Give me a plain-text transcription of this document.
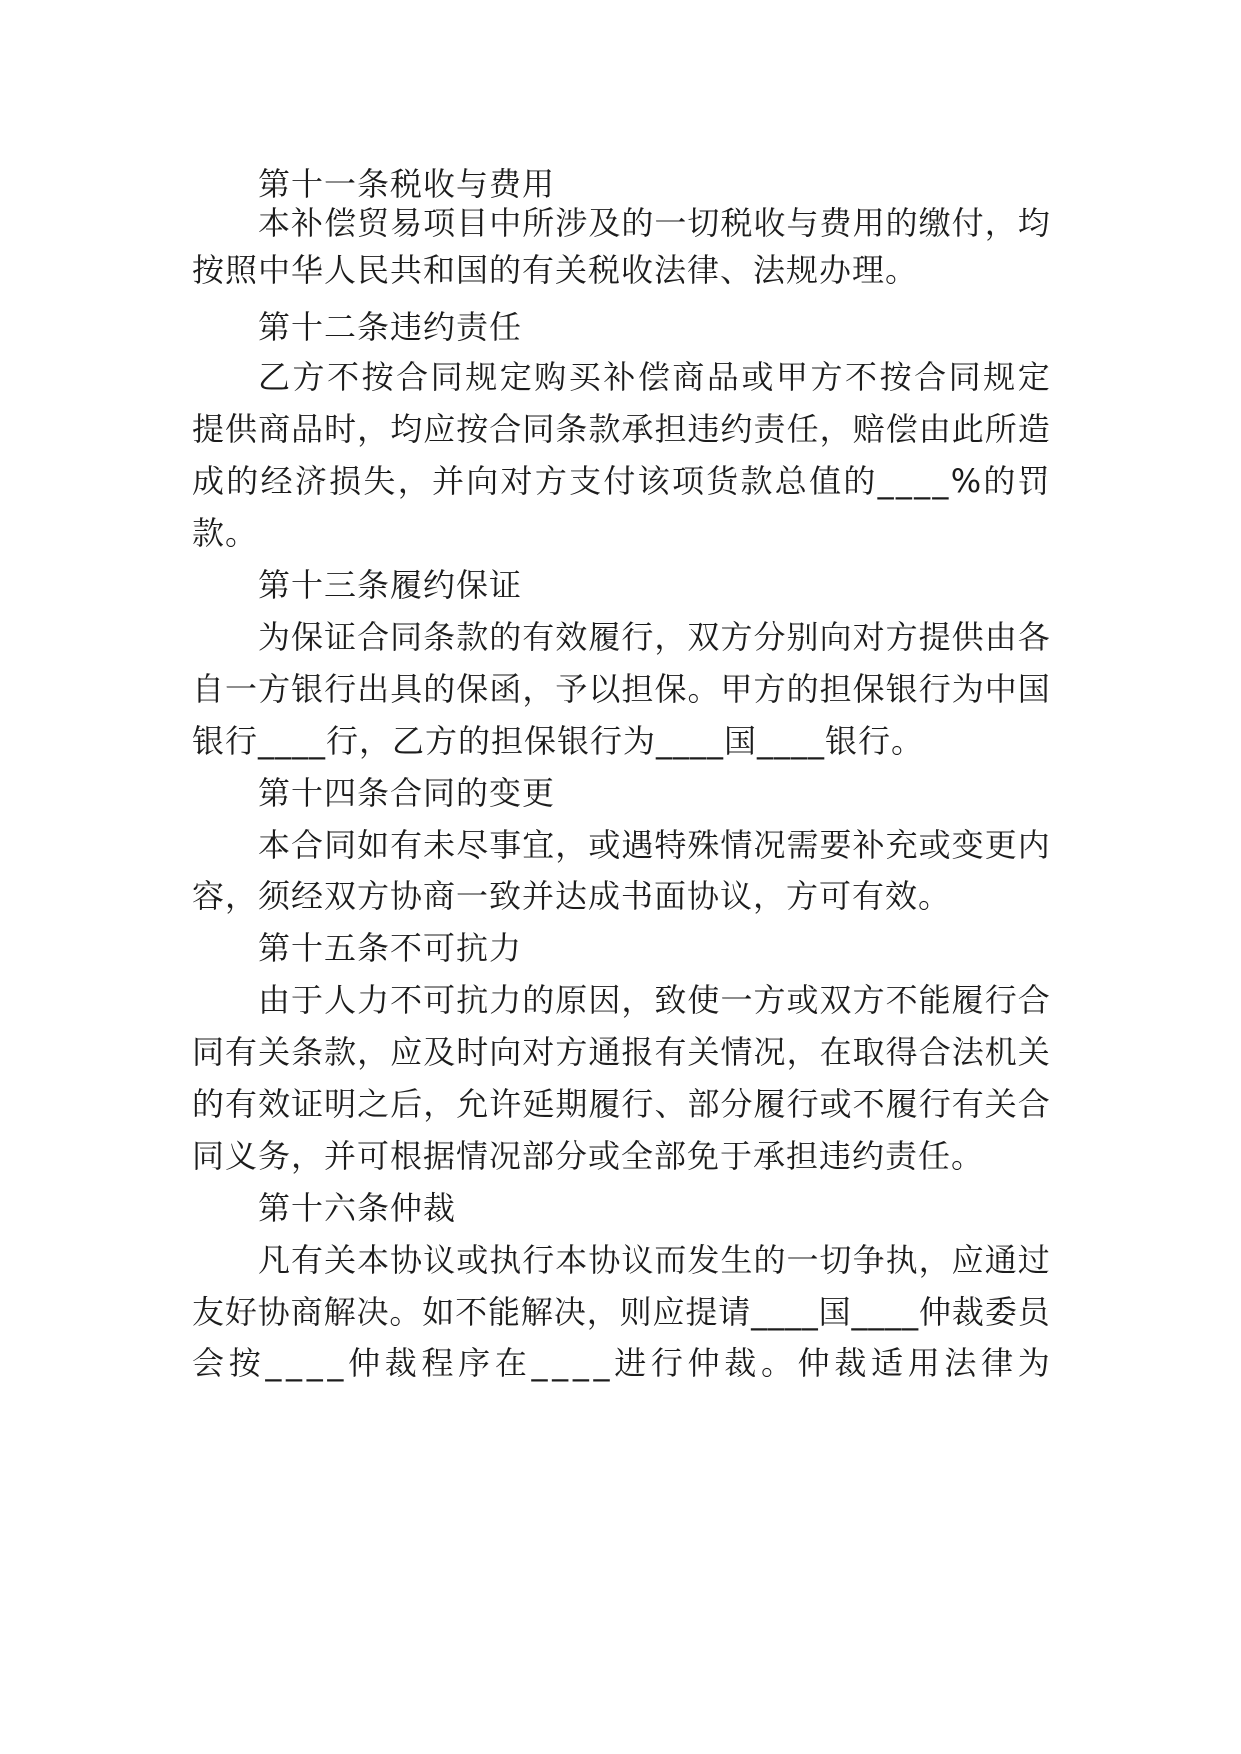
第十一条税收与费用
本 补 偿 贸 易 项 目 中 所 涉 及 的 一 切 税 收 与 费 用 的 缴 付 ， 均
按照中华人民共和国的有关税收法律、法规办理。
第十二条违约责任
乙 方 不 按 合 同 规 定 购 买 补 偿 商 品 或 甲 方 不 按 合 同 规 定
提 供 商 品 时 ， 均 应 按 合 同 条 款 承 担 违 约 责 任 ， 赔 偿 由 此 所 造
成 的 经 济 损 失 ， 并 向 对 方 支 付 该 项 货 款 总 值 的 _ _ _ _ % 的 罚
款。
第十三条履约保证
为 保 证 合 同 条 款 的 有 效 履 行 ， 双 方 分 别 向 对 方 提 供 由 各
自 一 方 银 行 出 具 的 保 函 ， 予 以 担 保 。 甲 方 的 担 保 银 行 为 中 国
银行____行，乙方的担保银行为____国____银行。
第十四条合同的变更
本 合 同 如 有 未 尽 事 宜 ， 或 遇 特 殊 情 况 需 要 补 充 或 变 更 内
容，须经双方协商一致并达成书面协议，方可有效。
第十五条不可抗力
由 于 人 力 不 可 抗 力 的 原 因 ， 致 使 一 方 或 双 方 不 能 履 行 合
同 有 关 条 款 ， 应 及 时 向 对 方 通 报 有 关 情 况 ， 在 取 得 合 法 机 关
的 有 效 证 明 之 后 ， 允 许 延 期 履 行 、 部 分 履 行 或 不 履 行 有 关 合
同义务，并可根据情况部分或全部免于承担违约责任。
第十六条仲裁
凡 有 关 本 协 议 或 执 行 本 协 议 而 发 生 的 一 切 争 执 ， 应 通 过
友 好 协 商 解 决 。 如 不 能 解 决 ， 则 应 提 请 _ _ _ _ 国 _ _ _ _ 仲 裁 委 员
会 按 _ _ _ _ 仲 裁 程 序 在 _ _ _ _ 进 行 仲 裁 。 仲 裁 适 用 法 律 为
